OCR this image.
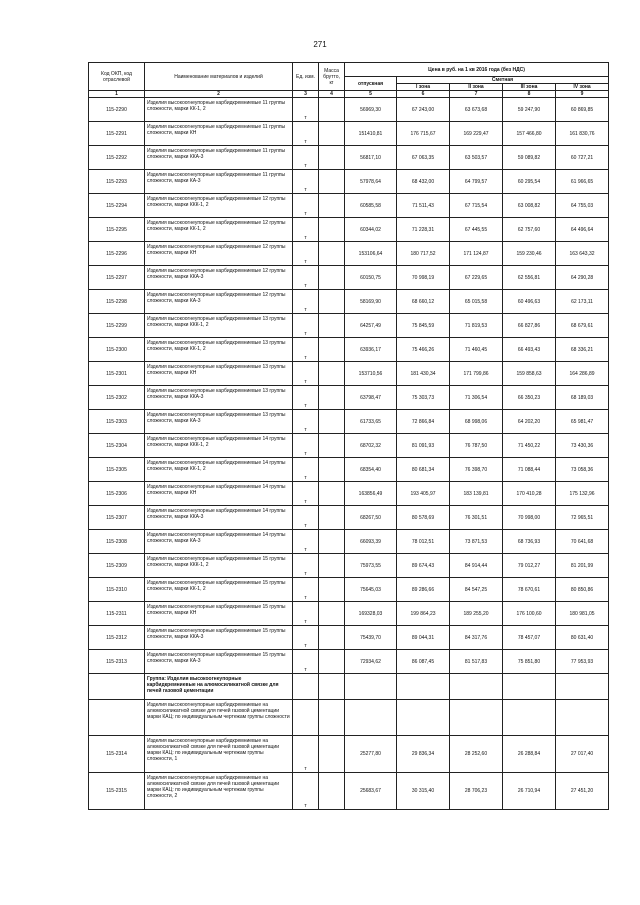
271
Код ОКП, код отраслевой	Наименование материалов и изделий	Ед. изм.	Масса брутто, кг	Цена в руб. на 1 кв 2016 года (без НДС)				
				отпускная	Сметная			
					I зона	II зона	III зона	IV зона
1	2	3	4	5	6	7	8	9
115-2290	Изделия высокоогнеупорные карбидкремниевые 11 группы сложности, марки КК-1, 2	т		56969,30	67 243,00	63 673,68	59 247,90	60 869,85
115-2291	Изделия высокоогнеупорные карбидкремниевые 11 группы сложности, марки КН	т		151410,81	176 715,67	169 229,47	157 466,80	161 830,76
115-2292	Изделия высокоогнеупорные карбидкремниевые 11 группы сложности, марки ККА-3	т		56817,10	67 063,35	63 503,57	59 089,82	60 727,21
115-2293	Изделия высокоогнеупорные карбидкремниевые 11 группы сложности, марки КА-3	т		57978,64	68 432,00	64 799,57	60 295,54	61 966,65
115-2294	Изделия высокоогнеупорные карбидкремниевые 12 группы сложности, марки ККК-1, 2	т		60585,58	71 511,43	67 715,54	63 008,82	64 755,03
115-2295	Изделия высокоогнеупорные карбидкремниевые 12 группы сложности, марки КК-1, 2	т		60344,02	71 228,31	67 445,55	62 757,60	64 496,64
115-2296	Изделия высокоогнеупорные карбидкремниевые 12 группы сложности, марки КН	т		153106,64	180 717,52	171 124,87	159 230,46	163 643,32
115-2297	Изделия высокоогнеупорные карбидкремниевые 12 группы сложности, марки ККА-3	т		60150,75	70 998,19	67 229,65	62 556,81	64 290,28
115-2298	Изделия высокоогнеупорные карбидкремниевые 12 группы сложности, марки КА-3	т		58169,90	68 660,12	65 015,58	60 496,63	62 173,11
115-2299	Изделия высокоогнеупорные карбидкремниевые 13 группы сложности, марки ККК-1, 2	т		64257,49	75 845,59	71 819,53	66 827,86	68 679,61
115-2300	Изделия высокоогнеупорные карбидкремниевые 13 группы сложности, марки КК-1, 2	т		63936,17	75 466,26	71 460,45	66 493,43	68 336,21
115-2301	Изделия высокоогнеупорные карбидкремниевые 13 группы сложности, марки КН	т		153710,56	181 430,34	171 799,86	159 858,63	164 286,89
115-2302	Изделия высокоогнеупорные карбидкремниевые 13 группы сложности, марки ККА-3	т		63798,47	75 303,73	71 306,54	66 350,23	68 189,03
115-2303	Изделия высокоогнеупорные карбидкремниевые 13 группы сложности, марки КА-3	т		61733,65	72 866,84	68 998,06	64 202,20	65 981,47
115-2304	Изделия высокоогнеупорные карбидкремниевые 14 группы сложности, марки ККК-1, 2	т		68702,32	81 091,93	76 787,50	71 450,22	73 430,36
115-2305	Изделия высокоогнеупорные карбидкремниевые 14 группы сложности, марки КК-1, 2	т		68354,40	80 681,34	76 398,70	71 088,44	73 058,36
115-2306	Изделия высокоогнеупорные карбидкремниевые 14 группы сложности, марки КН	т		163856,49	193 405,97	183 139,81	170 410,28	175 132,96
115-2307	Изделия высокоогнеупорные карбидкремниевые 14 группы сложности, марки ККА-3	т		68267,50	80 578,69	76 301,51	70 998,00	72 965,51
115-2308	Изделия высокоогнеупорные карбидкремниевые 14 группы сложности, марки КА-3	т		66093,39	78 012,51	73 871,53	68 736,93	70 641,68
115-2309	Изделия высокоогнеупорные карбидкремниевые 15 группы сложности, марки ККК-1, 2	т		75973,55	89 674,43	84 914,44	79 012,27	81 201,99
115-2310	Изделия высокоогнеупорные карбидкремниевые 15 группы сложности, марки КК-1, 2	т		75645,03	89 286,66	84 547,25	78 670,61	80 850,86
115-2311	Изделия высокоогнеупорные карбидкремниевые 15 группы сложности, марки КН	т		169328,03	199 864,23	189 255,20	176 100,60	180 981,05
115-2312	Изделия высокоогнеупорные карбидкремниевые 15 группы сложности, марки ККА-3	т		75439,70	89 044,31	84 317,76	78 457,07	80 631,40
115-2313	Изделия высокоогнеупорные карбидкремниевые 15 группы сложности, марки КА-3	т		72934,62	86 087,45	81 517,83	75 851,80	77 953,93
	Группа: Изделия высокоогнеупорные карбидкремниевые на алюмосиликатной связке для печей газовой цементации							
	Изделия высокоогнеупорные карбидкремниевые на алюмосиликатной связке для печей газовой цементации марки КАЦ: по индивидуальным чертежам группы сложности							
115-2314	Изделия высокоогнеупорные карбидкремниевые на алюмосиликатной связке для печей газовой цементации марки КАЦ: по индивидуальным чертежам группы сложности, 1	т		25277,80	29 836,34	28 252,60	26 288,84	27 017,40
115-2315	Изделия высокоогнеупорные карбидкремниевые на алюмосиликатной связке для печей газовой цементации марки КАЦ: по индивидуальным чертежам группы сложности, 2	т		25683,67	30 315,40	28 706,23	26 710,94	27 451,20
